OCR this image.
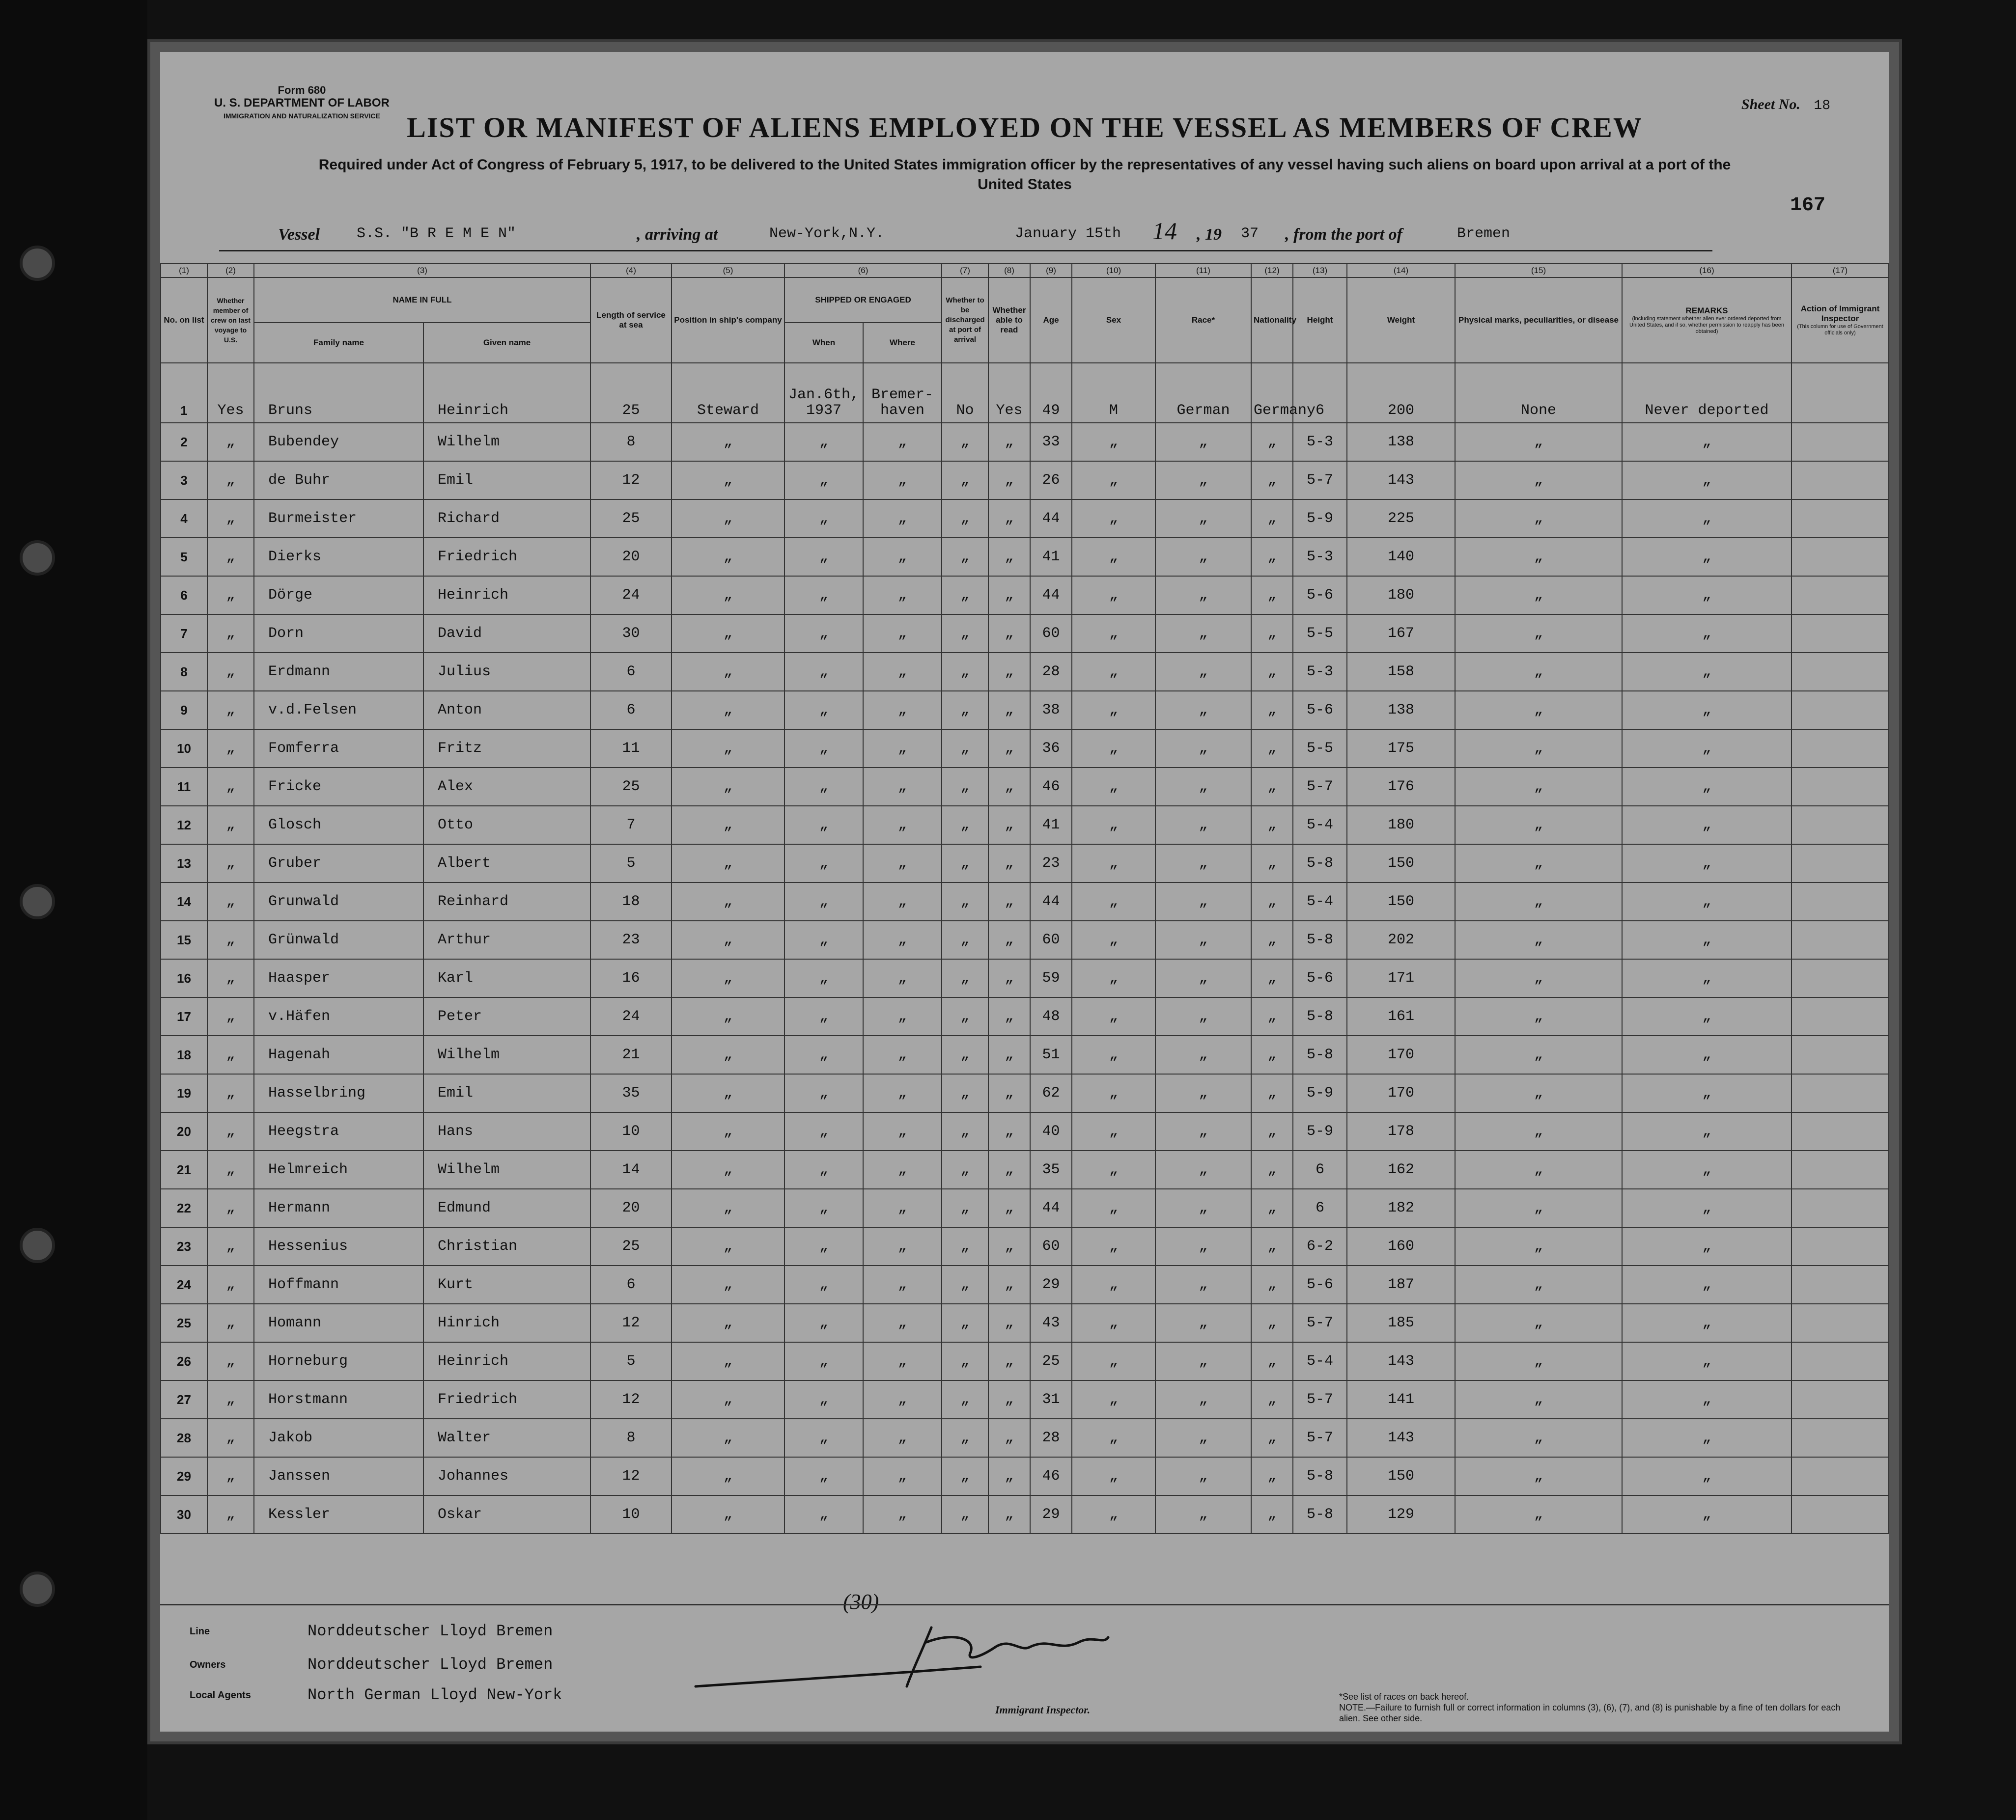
Form 680
U. S. DEPARTMENT OF LABOR
IMMIGRATION AND NATURALIZATION SERVICE
Sheet No. 18
LIST OR MANIFEST OF ALIENS EMPLOYED ON THE VESSEL AS MEMBERS OF CREW
Required under Act of Congress of February 5, 1917, to be delivered to the United States immigration officer by the representatives of any vessel having such aliens on board upon arrival at a port of the United States
167
Vessel	S.S. "B R E M E N"	, arriving at	New-York,N.Y.	January 15th 14 , 19 37 , from the port of	Bremen
(1)	(2)	(3)		(4)	(5)	(6)		(7)	(8)	(9)	(10)	(11)	(12)	(13)	(14)	(15)	(16)	(17)
No. on list	Whether member of crew on last voyage to U.S.	NAME IN FULL		Length of service at sea	Position in ship's company	SHIPPED OR ENGAGED		Whether to be discharged at port of arrival	Whether able to read	Age	Sex	Race*	Nationality	Height	Weight	Physical marks, peculiarities, or disease	REMARKS
(including statement whether alien ever ordered deported from United States, and if so, whether permission to reapply has been obtained)	Action of Immigrant Inspector
(This column for use of Government officials only)

		Family name	Given name			When	Where											
1	Yes	Bruns	Heinrich	25	Steward	Jan.6th, 1937	Bremer- haven	No	Yes	49	M	German	Germany	6	200	None	Never deported	
2	„	Bubendey	Wilhelm	8	„	„	„	„	„	33	„	„	„	5-3	138	„	„	
3	„	de Buhr	Emil	12	„	„	„	„	„	26	„	„	„	5-7	143	„	„	
4	„	Burmeister	Richard	25	„	„	„	„	„	44	„	„	„	5-9	225	„	„	
5	„	Dierks	Friedrich	20	„	„	„	„	„	41	„	„	„	5-3	140	„	„	
6	„	Dörge	Heinrich	24	„	„	„	„	„	44	„	„	„	5-6	180	„	„	
7	„	Dorn	David	30	„	„	„	„	„	60	„	„	„	5-5	167	„	„	
8	„	Erdmann	Julius	6	„	„	„	„	„	28	„	„	„	5-3	158	„	„	
9	„	v.d.Felsen	Anton	6	„	„	„	„	„	38	„	„	„	5-6	138	„	„	
10	„	Fomferra	Fritz	11	„	„	„	„	„	36	„	„	„	5-5	175	„	„	
11	„	Fricke	Alex	25	„	„	„	„	„	46	„	„	„	5-7	176	„	„	
12	„	Glosch	Otto	7	„	„	„	„	„	41	„	„	„	5-4	180	„	„	
13	„	Gruber	Albert	5	„	„	„	„	„	23	„	„	„	5-8	150	„	„	
14	„	Grunwald	Reinhard	18	„	„	„	„	„	44	„	„	„	5-4	150	„	„	
15	„	Grünwald	Arthur	23	„	„	„	„	„	60	„	„	„	5-8	202	„	„	
16	„	Haasper	Karl	16	„	„	„	„	„	59	„	„	„	5-6	171	„	„	
17	„	v.Häfen	Peter	24	„	„	„	„	„	48	„	„	„	5-8	161	„	„	
18	„	Hagenah	Wilhelm	21	„	„	„	„	„	51	„	„	„	5-8	170	„	„	
19	„	Hasselbring	Emil	35	„	„	„	„	„	62	„	„	„	5-9	170	„	„	
20	„	Heegstra	Hans	10	„	„	„	„	„	40	„	„	„	5-9	178	„	„	
21	„	Helmreich	Wilhelm	14	„	„	„	„	„	35	„	„	„	6	162	„	„	
22	„	Hermann	Edmund	20	„	„	„	„	„	44	„	„	„	6	182	„	„	
23	„	Hessenius	Christian	25	„	„	„	„	„	60	„	„	„	6-2	160	„	„	
24	„	Hoffmann	Kurt	6	„	„	„	„	„	29	„	„	„	5-6	187	„	„	
25	„	Homann	Hinrich	12	„	„	„	„	„	43	„	„	„	5-7	185	„	„	
26	„	Horneburg	Heinrich	5	„	„	„	„	„	25	„	„	„	5-4	143	„	„	
27	„	Horstmann	Friedrich	12	„	„	„	„	„	31	„	„	„	5-7	141	„	„	
28	„	Jakob	Walter	8	„	„	„	„	„	28	„	„	„	5-7	143	„	„	
29	„	Janssen	Johannes	12	„	„	„	„	„	46	„	„	„	5-8	150	„	„	
30	„	Kessler	Oskar	10	„	„	„	„	„	29	„	„	„	5-8	129	„	„	
(30)
Line	Norddeutscher Lloyd Bremen
Owners	Norddeutscher Lloyd Bremen
Local Agents	North German Lloyd New-York
Immigrant Inspector.
*See list of races on back hereof.
NOTE.—Failure to furnish full or correct information in columns (3), (6), (7), and (8) is punishable by a fine of ten dollars for each alien. See other side.
